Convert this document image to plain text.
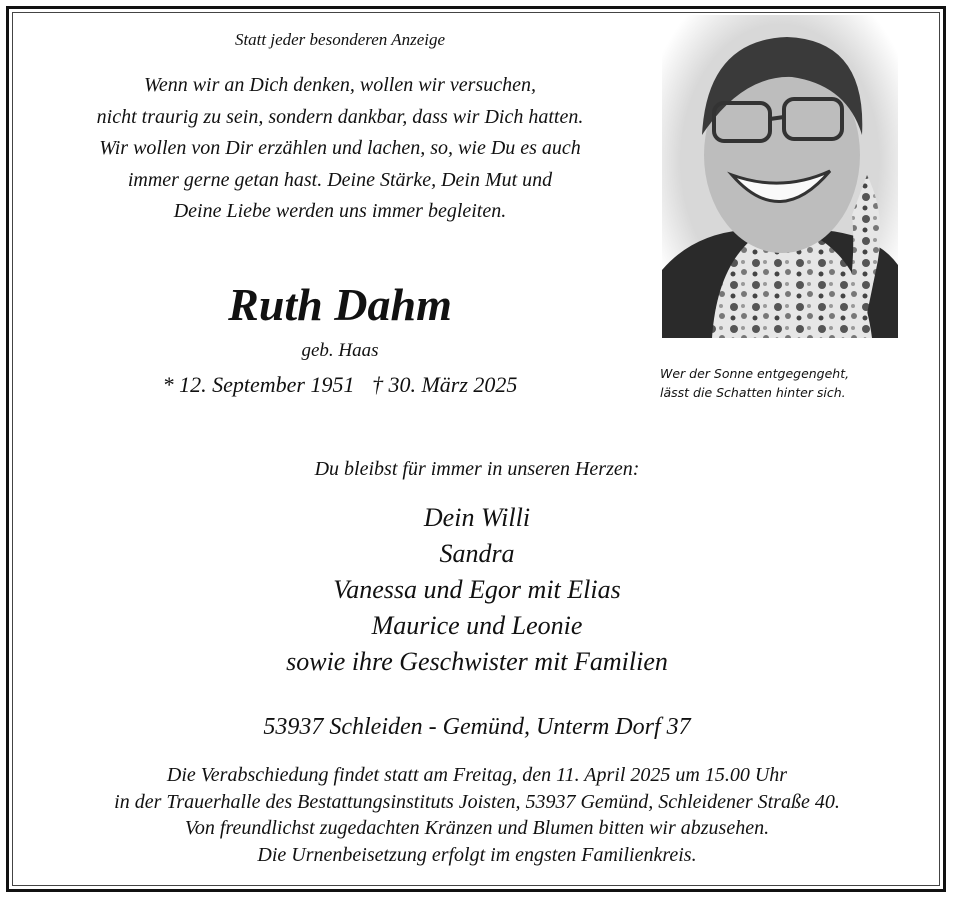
Statt jeder besonderen Anzeige
Wenn wir an Dich denken, wollen wir versuchen,
nicht traurig zu sein, sondern dankbar, dass wir Dich hatten.
Wir wollen von Dir erzählen und lachen, so, wie Du es auch
immer gerne getan hast. Deine Stärke, Dein Mut und
Deine Liebe werden uns immer begleiten.
Ruth Dahm
geb. Haas
* 12. September 1951 † 30. März 2025	Wer der Sonne entgegengeht,
lässt die Schatten hinter sich.
Du bleibst für immer in unseren Herzen:
Dein Willi
Sandra
Vanessa und Egor mit Elias
Maurice und Leonie
sowie ihre Geschwister mit Familien
53937 Schleiden - Gemünd, Unterm Dorf 37
Die Verabschiedung findet statt am Freitag, den 11. April 2025 um 15.00 Uhr
in der Trauerhalle des Bestattungsinstituts Joisten, 53937 Gemünd, Schleidener Straße 40.
Von freundlichst zugedachten Kränzen und Blumen bitten wir abzusehen.
Die Urnenbeisetzung erfolgt im engsten Familienkreis.
